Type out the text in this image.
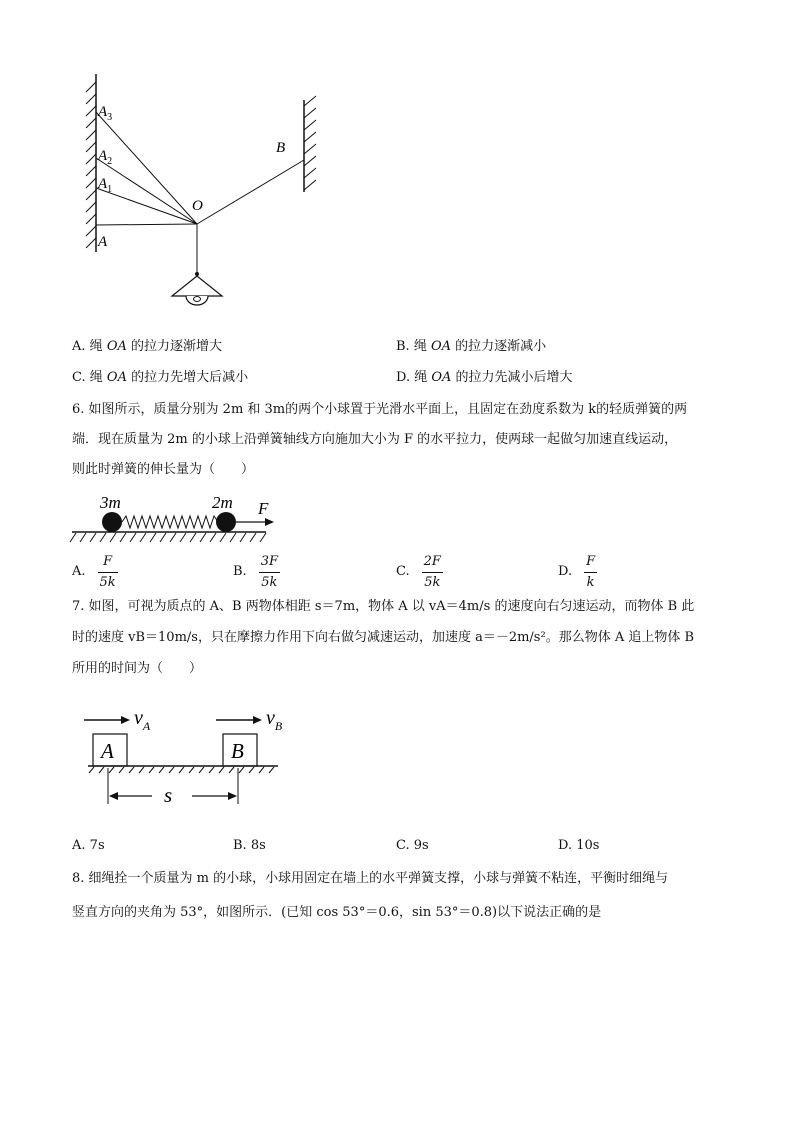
$A_3$
$A_2$
$A_1$
A
O
B
A. 绳 OA 的拉力逐渐增大	B. 绳 OA 的拉力逐渐减小
C. 绳 OA 的拉力先增大后减小	D. 绳 OA 的拉力先减小后增大
6. 如图所示，质量分别为 2m 和 3m的两个小球置于光滑水平面上，且固定在劲度系数为 k的轻质弹簧的两
端．现在质量为 2m 的小球上沿弹簧轴线方向施加大小为 F 的水平拉力，使两球一起做匀加速直线运动，
则此时弹簧的伸长量为（　　）
3m	2m F
A. $\frac{F}{5k}$	B. $\frac{3F}{5k}$	C. $\frac{2F}{5k}$	D. $\frac{F}{k}$
7. 如图，可视为质点的 A、B 两物体相距 s＝7m，物体 A 以 vA＝4m/s 的速度向右匀速运动，而物体 B 此
时的速度 vB＝10m/s，只在摩擦力作用下向右做匀减速运动，加速度 a＝－2m/s²。那么物体 A 追上物体 B
所用的时间为（　　）
$v_A$	$v_B$
A	B
s
A. 7s	B. 8s	C. 9s	D. 10s
8. 细绳拴一个质量为 m 的小球，小球用固定在墙上的水平弹簧支撑，小球与弹簧不粘连，平衡时细绳与
竖直方向的夹角为 53°，如图所示．(已知 cos 53°＝0.6，sin 53°＝0.8)以下说法正确的是
